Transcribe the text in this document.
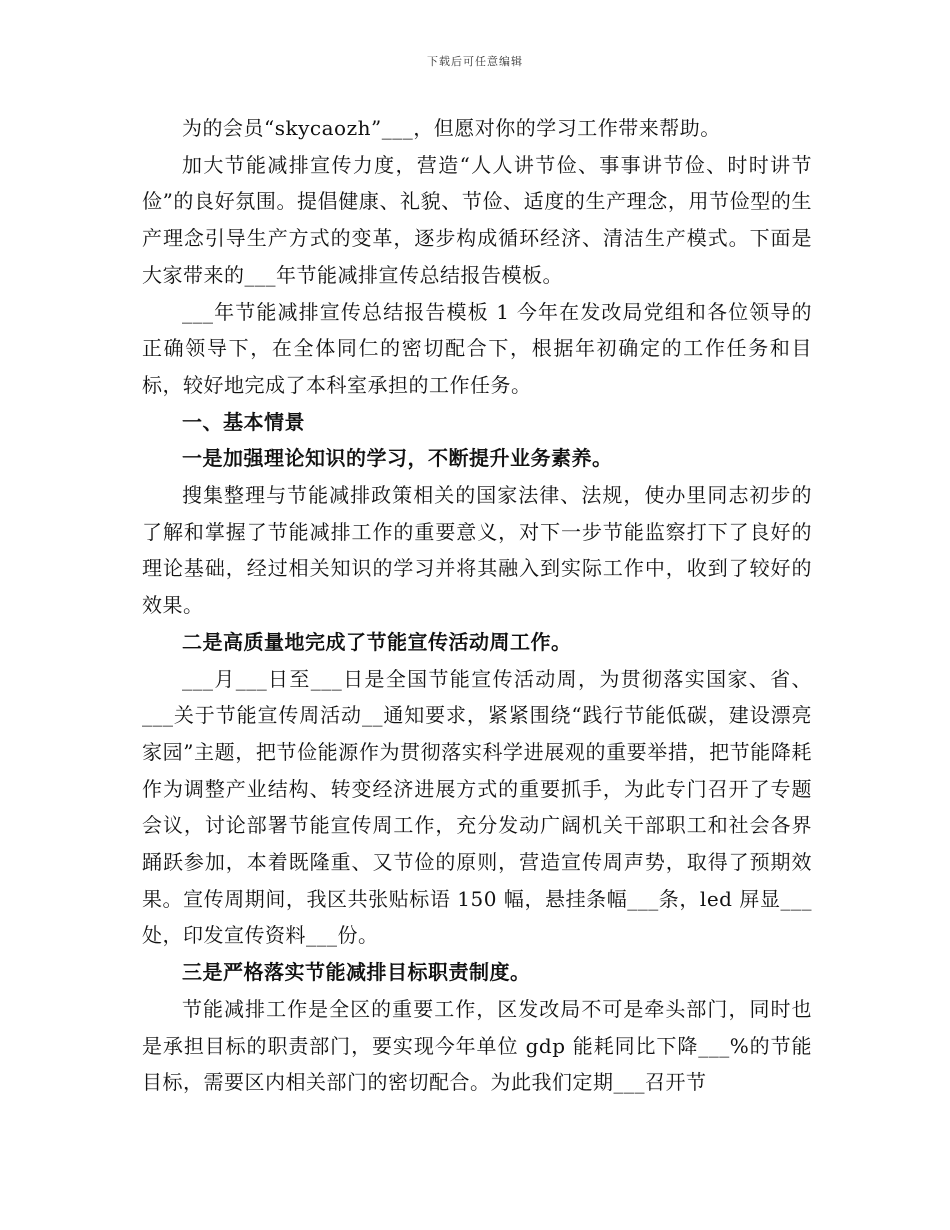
下载后可任意编辑

为的会员“skycaozh”___，但愿对你的学习工作带来帮助。

加大节能减排宣传力度，营造“人人讲节俭、事事讲节俭、时时讲节俭”的良好氛围。提倡健康、礼貌、节俭、适度的生产理念，用节俭型的生产理念引导生产方式的变革，逐步构成循环经济、清洁生产模式。下面是大家带来的___年节能减排宣传总结报告模板。

___年节能减排宣传总结报告模板 1 今年在发改局党组和各位领导的正确领导下，在全体同仁的密切配合下，根据年初确定的工作任务和目标，较好地完成了本科室承担的工作任务。

一、基本情景

一是加强理论知识的学习，不断提升业务素养。

搜集整理与节能减排政策相关的国家法律、法规，使办里同志初步的了解和掌握了节能减排工作的重要意义，对下一步节能监察打下了良好的理论基础，经过相关知识的学习并将其融入到实际工作中，收到了较好的效果。

二是高质量地完成了节能宣传活动周工作。

___月___日至___日是全国节能宣传活动周，为贯彻落实国家、省、___关于节能宣传周活动__通知要求，紧紧围绕“践行节能低碳，建设漂亮家园”主题，把节俭能源作为贯彻落实科学进展观的重要举措，把节能降耗作为调整产业结构、转变经济进展方式的重要抓手，为此专门召开了专题会议，讨论部署节能宣传周工作，充分发动广阔机关干部职工和社会各界踊跃参加，本着既隆重、又节俭的原则，营造宣传周声势，取得了预期效果。宣传周期间，我区共张贴标语 150 幅，悬挂条幅___条，led 屏显___处，印发宣传资料___份。

三是严格落实节能减排目标职责制度。

节能减排工作是全区的重要工作，区发改局不可是牵头部门，同时也是承担目标的职责部门，要实现今年单位 gdp 能耗同比下降___%的节能目标，需要区内相关部门的密切配合。为此我们定期___召开节
